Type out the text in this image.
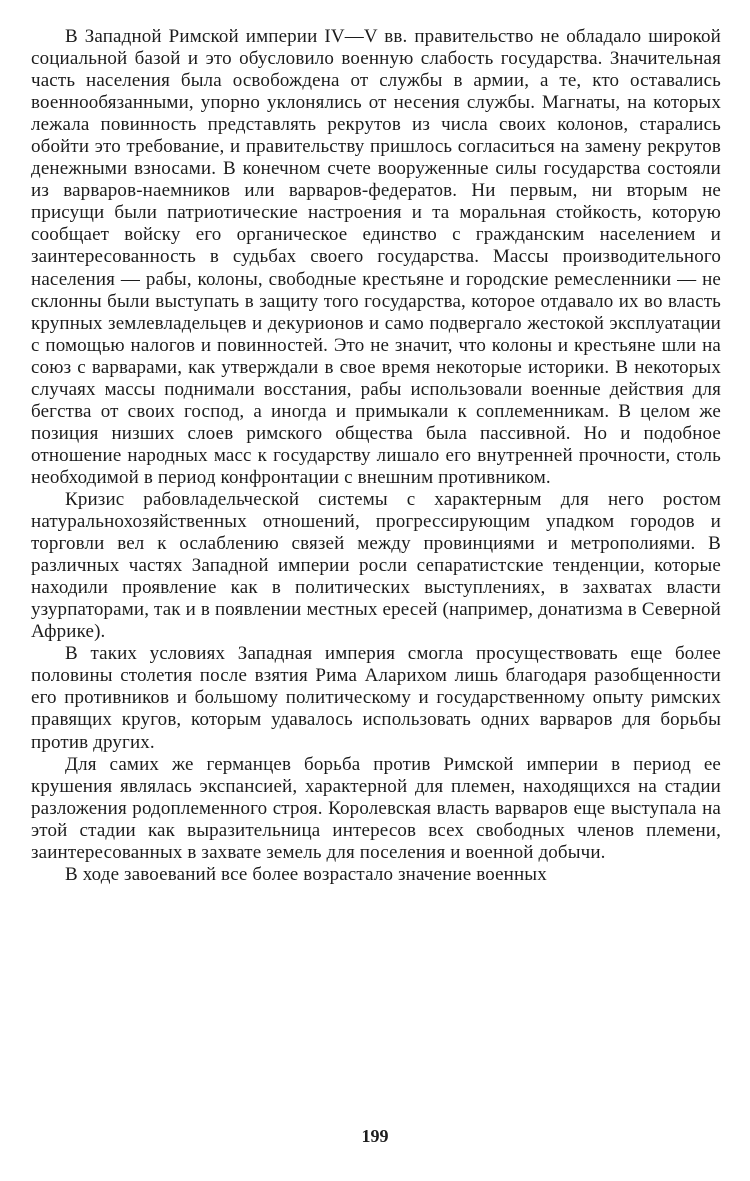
В Западной Римской империи IV—V вв. правительство не обладало широкой социальной базой и это обусловило военную слабость государства. Значительная часть населения была освобождена от службы в армии, а те, кто оставались военнообязанными, упорно уклонялись от несения службы. Магнаты, на которых лежала повинность представлять рекрутов из числа своих колонов, старались обойти это требование, и правительству пришлось согласиться на замену рекрутов денежными взносами. В конечном счете вооруженные силы государства состояли из варваров-наемников или варваров-федератов. Ни первым, ни вторым не присущи были патриотические настроения и та моральная стойкость, которую сообщает войску его органическое единство с гражданским населением и заинтересованность в судьбах своего государства. Массы производительного населения — рабы, колоны, свободные крестьяне и городские ремесленники — не склонны были выступать в защиту того государства, которое отдавало их во власть крупных землевладельцев и декурионов и само подвергало жестокой эксплуатации с помощью налогов и повинностей. Это не значит, что колоны и крестьяне шли на союз с варварами, как утверждали в свое время некоторые историки. В некоторых случаях массы поднимали восстания, рабы использовали военные действия для бегства от своих господ, а иногда и примыкали к соплеменникам. В целом же позиция низших слоев римского общества была пассивной. Но и подобное отношение народных масс к государству лишало его внутренней прочности, столь необходимой в период конфронтации с внешним противником.

Кризис рабовладельческой системы с характерным для него ростом натуральнохозяйственных отношений, прогрессирующим упадком городов и торговли вел к ослаблению связей между провинциями и метрополиями. В различных частях Западной империи росли сепаратистские тенденции, которые находили проявление как в политических выступлениях, в захватах власти узурпаторами, так и в появлении местных ересей (например, донатизма в Северной Африке).

В таких условиях Западная империя смогла просуществовать еще более половины столетия после взятия Рима Аларихом лишь благодаря разобщенности его противников и большому политическому и государственному опыту римских правящих кругов, которым удавалось использовать одних варваров для борьбы против других.

Для самих же германцев борьба против Римской империи в период ее крушения являлась экспансией, характерной для племен, находящихся на стадии разложения родоплеменного строя. Королевская власть варваров еще выступала на этой стадии как выразительница интересов всех свободных членов племени, заинтересованных в захвате земель для поселения и военной добычи.

В ходе завоеваний все более возрастало значение военных

199
